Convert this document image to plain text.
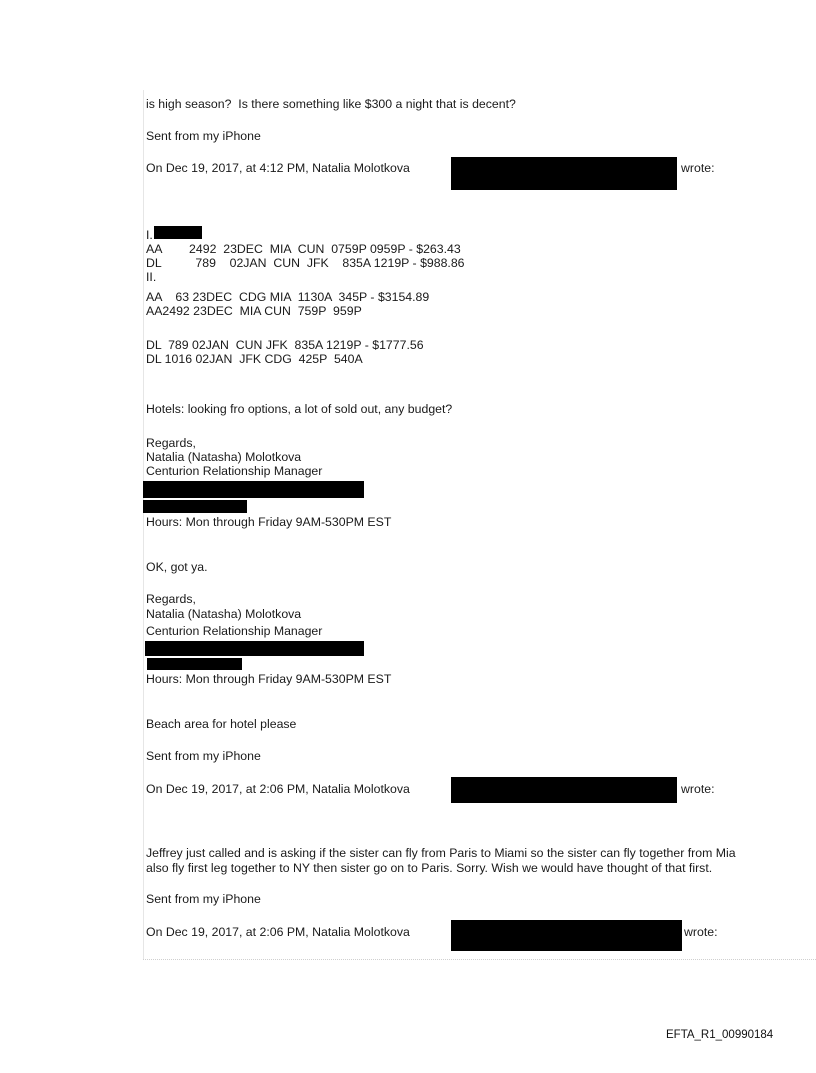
is high season?  Is there something like $300 a night that is decent?
Sent from my iPhone
On Dec 19, 2017, at 4:12 PM, Natalia Molotkova	wrote:
I.
AA        2492  23DEC  MIA  CUN  0759P 0959P - $263.43
DL          789    02JAN  CUN  JFK    835A 1219P - $988.86
II.
AA    63 23DEC  CDG MIA  1130A  345P - $3154.89
AA2492 23DEC  MIA CUN  759P  959P
DL  789 02JAN  CUN JFK  835A 1219P - $1777.56
DL 1016 02JAN  JFK CDG  425P  540A
Hotels: looking fro options, a lot of sold out, any budget?
Regards,
Natalia (Natasha) Molotkova
Centurion Relationship Manager
Hours: Mon through Friday 9AM-530PM EST
OK, got ya.
Regards,
Natalia (Natasha) Molotkova
Centurion Relationship Manager
Hours: Mon through Friday 9AM-530PM EST
Beach area for hotel please
Sent from my iPhone
On Dec 19, 2017, at 2:06 PM, Natalia Molotkova	wrote:
Jeffrey just called and is asking if the sister can fly from Paris to Miami so the sister can fly together from Mia
also fly first leg together to NY then sister go on to Paris. Sorry. Wish we would have thought of that first.
Sent from my iPhone
On Dec 19, 2017, at 2:06 PM, Natalia Molotkova	wrote:
EFTA_R1_00990184
